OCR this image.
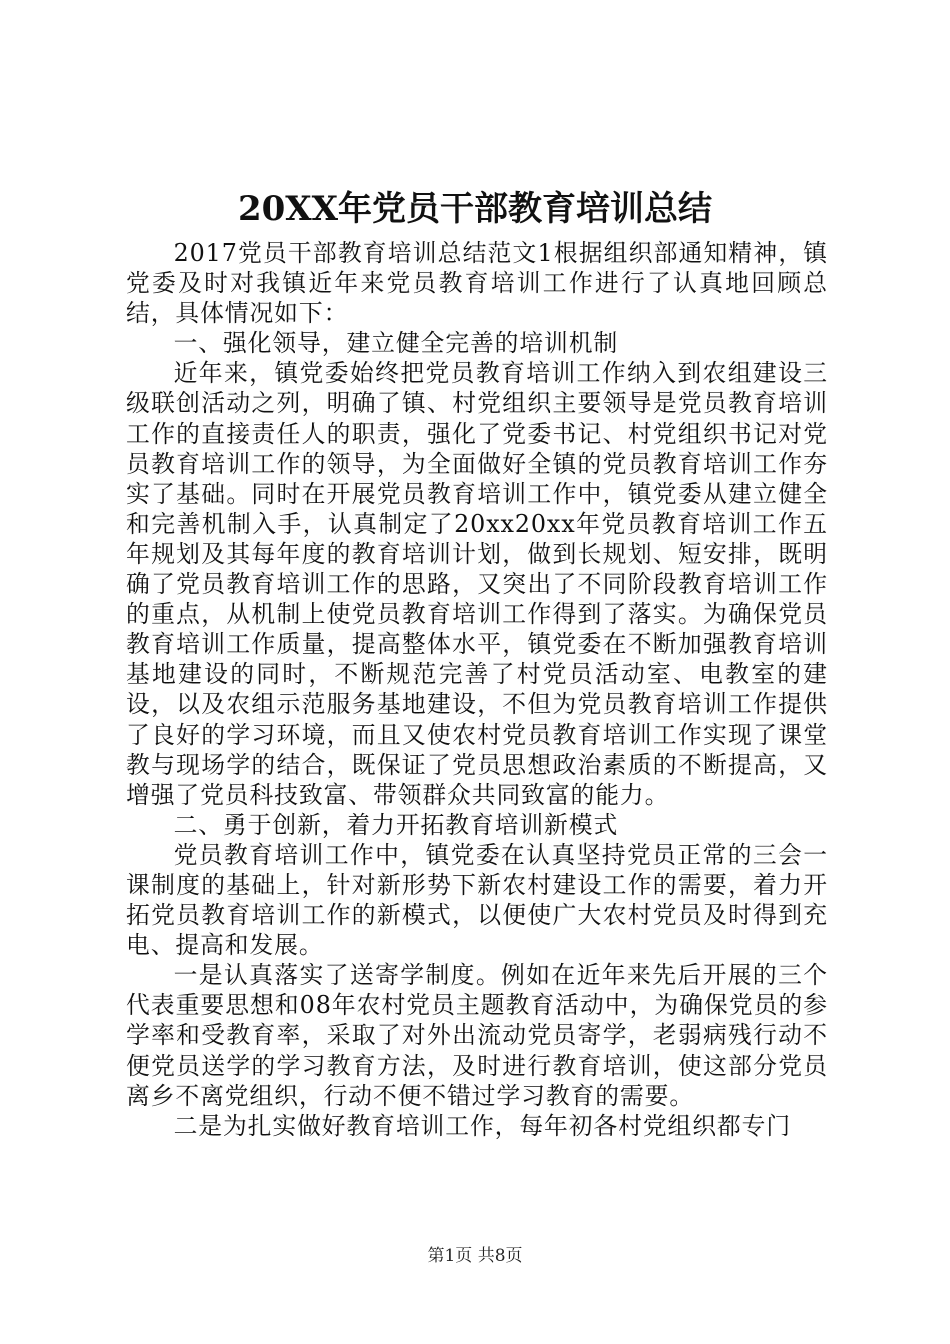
20XX年党员干部教育培训总结

2017党员干部教育培训总结范文1根据组织部通知精神，镇党委及时对我镇近年来党员教育培训工作进行了认真地回顾总结，具体情况如下：

一、强化领导，建立健全完善的培训机制

近年来，镇党委始终把党员教育培训工作纳入到农组建设三级联创活动之列，明确了镇、村党组织主要领导是党员教育培训工作的直接责任人的职责，强化了党委书记、村党组织书记对党员教育培训工作的领导，为全面做好全镇的党员教育培训工作夯实了基础。同时在开展党员教育培训工作中，镇党委从建立健全和完善机制入手，认真制定了20xx20xx年党员教育培训工作五年规划及其每年度的教育培训计划，做到长规划、短安排，既明确了党员教育培训工作的思路，又突出了不同阶段教育培训工作的重点，从机制上使党员教育培训工作得到了落实。为确保党员教育培训工作质量，提高整体水平，镇党委在不断加强教育培训基地建设的同时，不断规范完善了村党员活动室、电教室的建设，以及农组示范服务基地建设，不但为党员教育培训工作提供了良好的学习环境，而且又使农村党员教育培训工作实现了课堂教与现场学的结合，既保证了党员思想政治素质的不断提高，又增强了党员科技致富、带领群众共同致富的能力。

二、勇于创新，着力开拓教育培训新模式

党员教育培训工作中，镇党委在认真坚持党员正常的三会一课制度的基础上，针对新形势下新农村建设工作的需要，着力开拓党员教育培训工作的新模式，以便使广大农村党员及时得到充电、提高和发展。

一是认真落实了送寄学制度。例如在近年来先后开展的三个代表重要思想和08年农村党员主题教育活动中，为确保党员的参学率和受教育率，采取了对外出流动党员寄学，老弱病残行动不便党员送学的学习教育方法，及时进行教育培训，使这部分党员离乡不离党组织，行动不便不错过学习教育的需要。

二是为扎实做好教育培训工作，每年初各村党组织都专门

第1页 共8页
